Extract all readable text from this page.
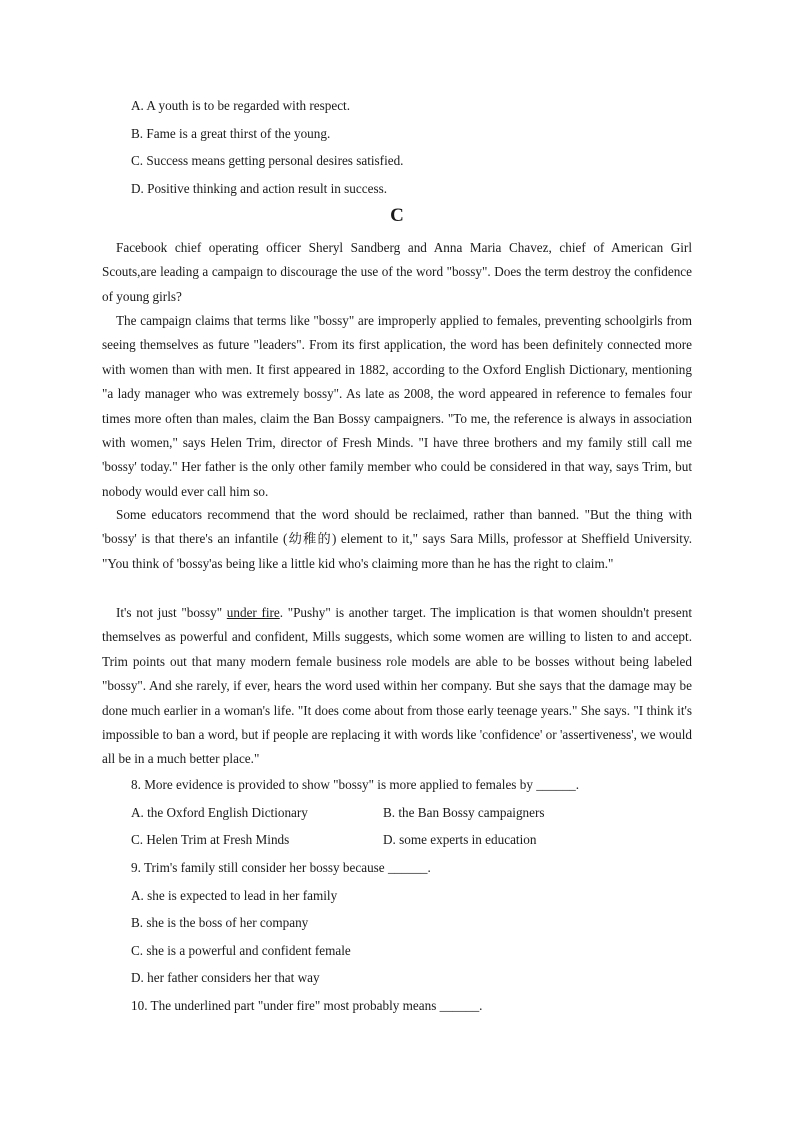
A. A youth is to be regarded with respect.
B. Fame is a great thirst of the young.
C. Success means getting personal desires satisfied.
D. Positive thinking and action result in success.
C
Facebook chief operating officer Sheryl Sandberg and Anna Maria Chavez, chief of American Girl Scouts,are leading a campaign to discourage the use of the word "bossy". Does the term destroy the confidence of young girls?
The campaign claims that terms like "bossy" are improperly applied to females, preventing schoolgirls from seeing themselves as future "leaders". From its first application, the word has been definitely connected more with women than with men. It first appeared in 1882, according to the Oxford English Dictionary, mentioning "a lady manager who was extremely bossy". As late as 2008, the word appeared in reference to females four times more often than males, claim the Ban Bossy campaigners. "To me, the reference is always in association with women," says Helen Trim, director of Fresh Minds. "I have three brothers and my family still call me 'bossy' today." Her father is the only other family member who could be considered in that way, says Trim, but nobody would ever call him so.
Some educators recommend that the word should be reclaimed, rather than banned. "But the thing with 'bossy' is that there's an infantile (幼稚的) element to it," says Sara Mills, professor at Sheffield University. "You think of 'bossy'as being like a little kid who's claiming more than he has the right to claim."
It's not just "bossy" under fire. "Pushy" is another target. The implication is that women shouldn't present themselves as powerful and confident, Mills suggests, which some women are willing to listen to and accept. Trim points out that many modern female business role models are able to be bosses without being labeled "bossy". And she rarely, if ever, hears the word used within her company. But she says that the damage may be done much earlier in a woman's life. "It does come about from those early teenage years." She says. "I think it's impossible to ban a word, but if people are replacing it with words like 'confidence' or 'assertiveness', we would all be in a much better place."
8. More evidence is provided to show "bossy" is more applied to females by ______.
A. the Oxford English Dictionary	B. the Ban Bossy campaigners
C. Helen Trim at Fresh Minds	D. some experts in education
9. Trim's family still consider her bossy because ______.
A. she is expected to lead in her family
B. she is the boss of her company
C. she is a powerful and confident female
D. her father considers her that way
10. The underlined part "under fire" most probably means ______.
